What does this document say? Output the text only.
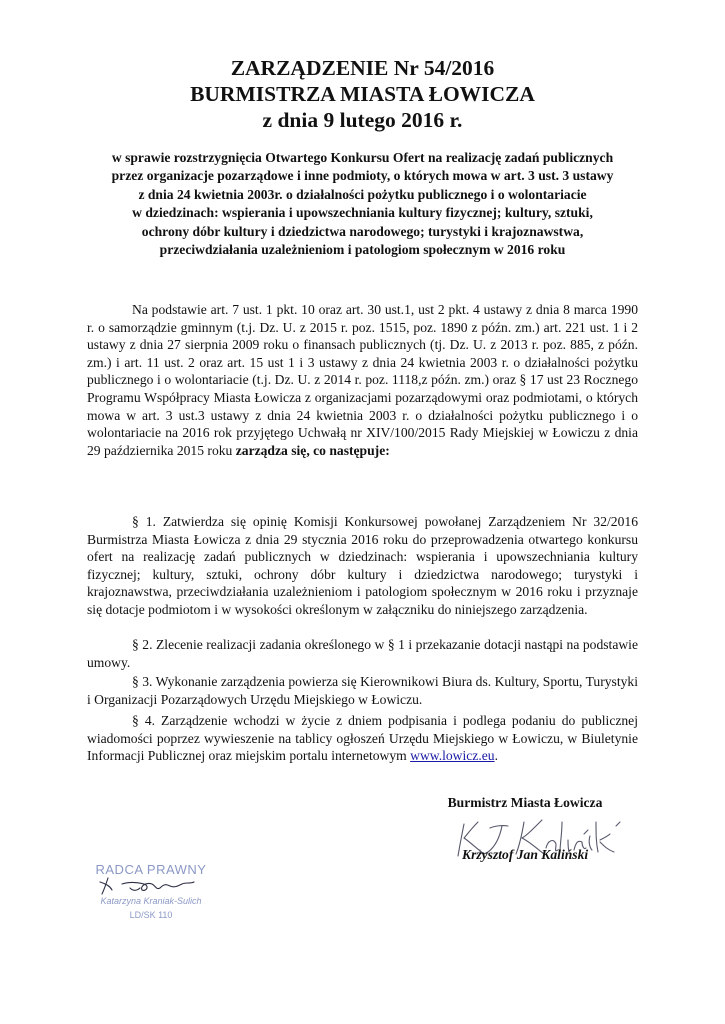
ZARZĄDZENIE Nr 54/2016
BURMISTRZA MIASTA ŁOWICZA
z dnia 9 lutego 2016 r.
w sprawie rozstrzygnięcia Otwartego Konkursu Ofert na realizację zadań publicznych
przez organizacje pozarządowe i inne podmioty, o których mowa w art. 3 ust. 3 ustawy
z dnia 24 kwietnia 2003r. o działalności pożytku publicznego i o wolontariacie
w dziedzinach: wspierania i upowszechniania kultury fizycznej; kultury, sztuki,
ochrony dóbr kultury i dziedzictwa narodowego; turystyki i krajoznawstwa,
przeciwdziałania uzależnieniom i patologiom społecznym w 2016 roku
Na podstawie art. 7 ust. 1 pkt. 10 oraz art. 30 ust.1, ust 2 pkt. 4 ustawy z dnia 8 marca 1990 r. o samorządzie gminnym (t.j. Dz. U. z 2015 r. poz. 1515, poz. 1890 z późn. zm.) art. 221 ust. 1 i 2 ustawy z dnia 27 sierpnia 2009 roku o finansach publicznych (tj. Dz. U. z 2013 r. poz. 885, z późn. zm.) i art. 11 ust. 2 oraz art. 15 ust 1 i 3 ustawy z dnia 24 kwietnia 2003 r. o działalności pożytku publicznego i o wolontariacie (t.j. Dz. U. z 2014 r. poz. 1118,z późn. zm.) oraz § 17 ust 23 Rocznego Programu Współpracy Miasta Łowicza z organizacjami pozarządowymi oraz podmiotami, o których mowa w art. 3 ust.3 ustawy z dnia 24 kwietnia 2003 r. o działalności pożytku publicznego i o wolontariacie na 2016 rok przyjętego Uchwałą nr XIV/100/2015 Rady Miejskiej w Łowiczu z dnia 29 października 2015 roku zarządza się, co następuje:
§ 1. Zatwierdza się opinię Komisji Konkursowej powołanej Zarządzeniem Nr 32/2016 Burmistrza Miasta Łowicza z dnia 29 stycznia 2016 roku do przeprowadzenia otwartego konkursu ofert na realizację zadań publicznych w dziedzinach: wspierania i upowszechniania kultury fizycznej; kultury, sztuki, ochrony dóbr kultury i dziedzictwa narodowego; turystyki i krajoznawstwa, przeciwdziałania uzależnieniom i patologiom społecznym w 2016 roku i przyznaje się dotacje podmiotom i w wysokości określonym w załączniku do niniejszego zarządzenia.
§ 2. Zlecenie realizacji zadania określonego w § 1 i przekazanie dotacji nastąpi na podstawie umowy.
§ 3. Wykonanie zarządzenia powierza się Kierownikowi Biura ds. Kultury, Sportu, Turystyki i Organizacji Pozarządowych Urzędu Miejskiego w Łowiczu.
§ 4. Zarządzenie wchodzi w życie z dniem podpisania i podlega podaniu do publicznej wiadomości poprzez wywieszenie na tablicy ogłoszeń Urzędu Miejskiego w Łowiczu, w Biuletynie Informacji Publicznej oraz miejskim portalu internetowym www.lowicz.eu.
Burmistrz Miasta Łowicza
Krzysztof Jan Kaliński
RADCA PRAWNY
Katarzyna Kraniak-Sulich
LD/SK 110
